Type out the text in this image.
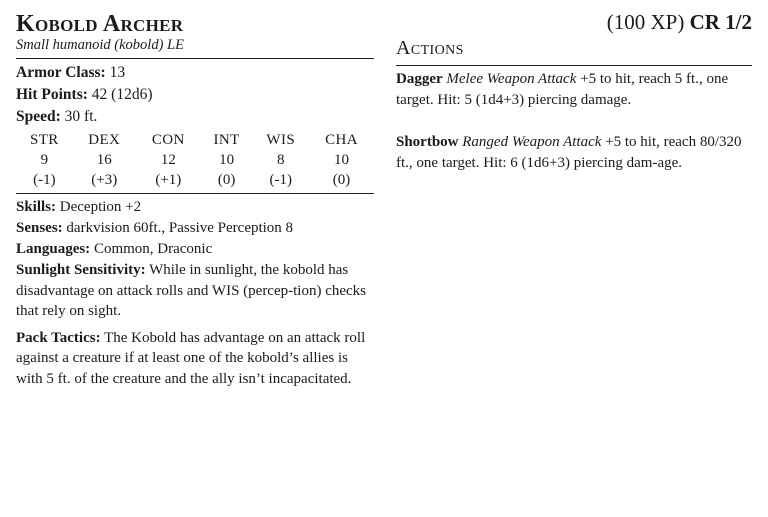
Kobold Archer
Small humanoid (kobold) LE
Armor Class: 13
Hit Points: 42 (12d6)
Speed: 30 ft.
STR	DEX	CON	INT	WIS	CHA
9	16	12	10	8	10
(-1)	(+3)	(+1)	(0)	(-1)	(0)
Skills: Deception +2
Senses: darkvision 60ft., Passive Perception 8
Languages: Common, Draconic
Sunlight Sensitivity: While in sunlight, the kobold has disadvantage on attack rolls and WIS (percep-tion) checks that rely on sight.
Pack Tactics: The Kobold has advantage on an attack roll against a creature if at least one of the kobold’s allies is with 5 ft. of the creature and the ally isn’t incapacitated.
(100 XP) CR 1/2
Actions
Dagger Melee Weapon Attack +5 to hit, reach 5 ft., one target. Hit: 5 (1d4+3) piercing damage.
Shortbow Ranged Weapon Attack +5 to hit, reach 80/320 ft., one target. Hit: 6 (1d6+3) piercing dam-age.
